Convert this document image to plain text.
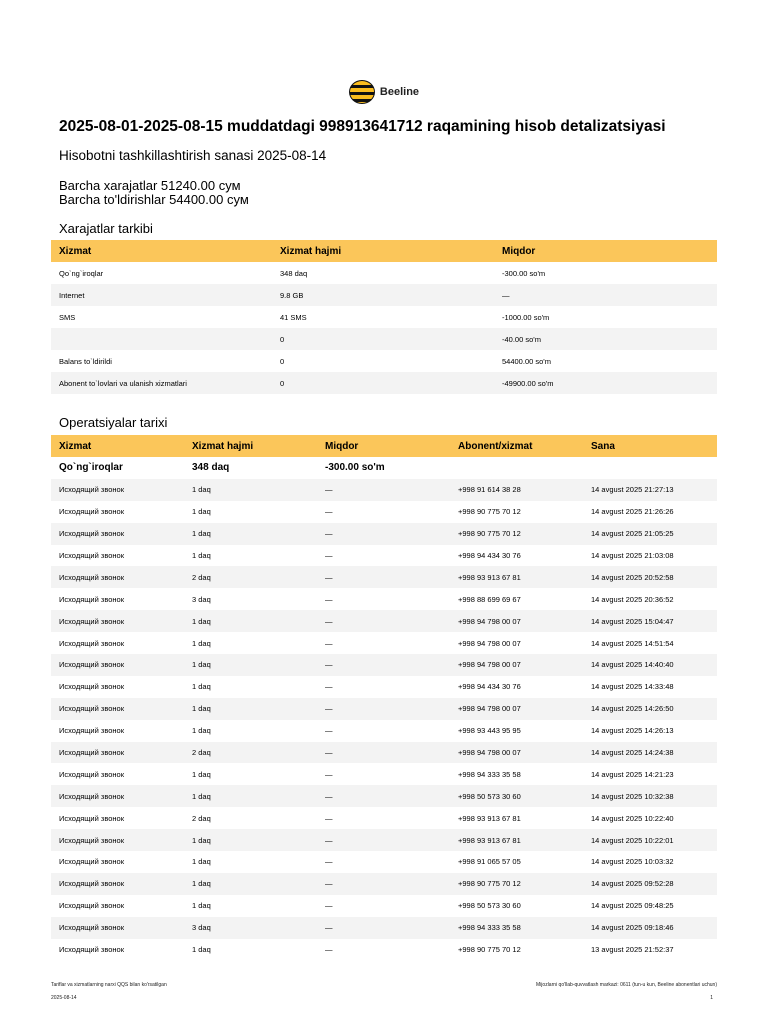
Beeline
2025-08-01-2025-08-15 muddatdagi 998913641712 raqamining hisob detalizatsiyasi
Hisobotni tashkillashtirish sanasi 2025-08-14
Barcha xarajatlar 51240.00 сум
Barcha to'ldirishlar 54400.00 сум
Xarajatlar tarkibi
Xizmat	Xizmat hajmi	Miqdor
Qo`ng`iroqlar	348 daq	-300.00 so'm
Internet	9.8 GB	—
SMS	41 SMS	-1000.00 so'm
	0	-40.00 so'm
Balans to`ldirildi	0	54400.00 so'm
Abonent to`lovlari va ulanish xizmatlari	0	-49900.00 so'm
Operatsiyalar tarixi
Xizmat	Xizmat hajmi	Miqdor	Abonent/xizmat	Sana
Qo`ng`iroqlar	348 daq	-300.00 so'm		
Исходящий звонок	1 daq	—	+998 91 614 38 28	14 avgust 2025 21:27:13
Исходящий звонок	1 daq	—	+998 90 775 70 12	14 avgust 2025 21:26:26
Исходящий звонок	1 daq	—	+998 90 775 70 12	14 avgust 2025 21:05:25
Исходящий звонок	1 daq	—	+998 94 434 30 76	14 avgust 2025 21:03:08
Исходящий звонок	2 daq	—	+998 93 913 67 81	14 avgust 2025 20:52:58
Исходящий звонок	3 daq	—	+998 88 699 69 67	14 avgust 2025 20:36:52
Исходящий звонок	1 daq	—	+998 94 798 00 07	14 avgust 2025 15:04:47
Исходящий звонок	1 daq	—	+998 94 798 00 07	14 avgust 2025 14:51:54
Исходящий звонок	1 daq	—	+998 94 798 00 07	14 avgust 2025 14:40:40
Исходящий звонок	1 daq	—	+998 94 434 30 76	14 avgust 2025 14:33:48
Исходящий звонок	1 daq	—	+998 94 798 00 07	14 avgust 2025 14:26:50
Исходящий звонок	1 daq	—	+998 93 443 95 95	14 avgust 2025 14:26:13
Исходящий звонок	2 daq	—	+998 94 798 00 07	14 avgust 2025 14:24:38
Исходящий звонок	1 daq	—	+998 94 333 35 58	14 avgust 2025 14:21:23
Исходящий звонок	1 daq	—	+998 50 573 30 60	14 avgust 2025 10:32:38
Исходящий звонок	2 daq	—	+998 93 913 67 81	14 avgust 2025 10:22:40
Исходящий звонок	1 daq	—	+998 93 913 67 81	14 avgust 2025 10:22:01
Исходящий звонок	1 daq	—	+998 91 065 57 05	14 avgust 2025 10:03:32
Исходящий звонок	1 daq	—	+998 90 775 70 12	14 avgust 2025 09:52:28
Исходящий звонок	1 daq	—	+998 50 573 30 60	14 avgust 2025 09:48:25
Исходящий звонок	3 daq	—	+998 94 333 35 58	14 avgust 2025 09:18:46
Исходящий звонок	1 daq	—	+998 90 775 70 12	13 avgust 2025 21:52:37
Tariflar va xizmatlarning narxi QQS bilan ko'rsatilgan	Mijozlarni qo'llab-quvvatlash markazi: 0611 (tun-u kun, Beeline abonentlari uchun)
2025-08-14	1
